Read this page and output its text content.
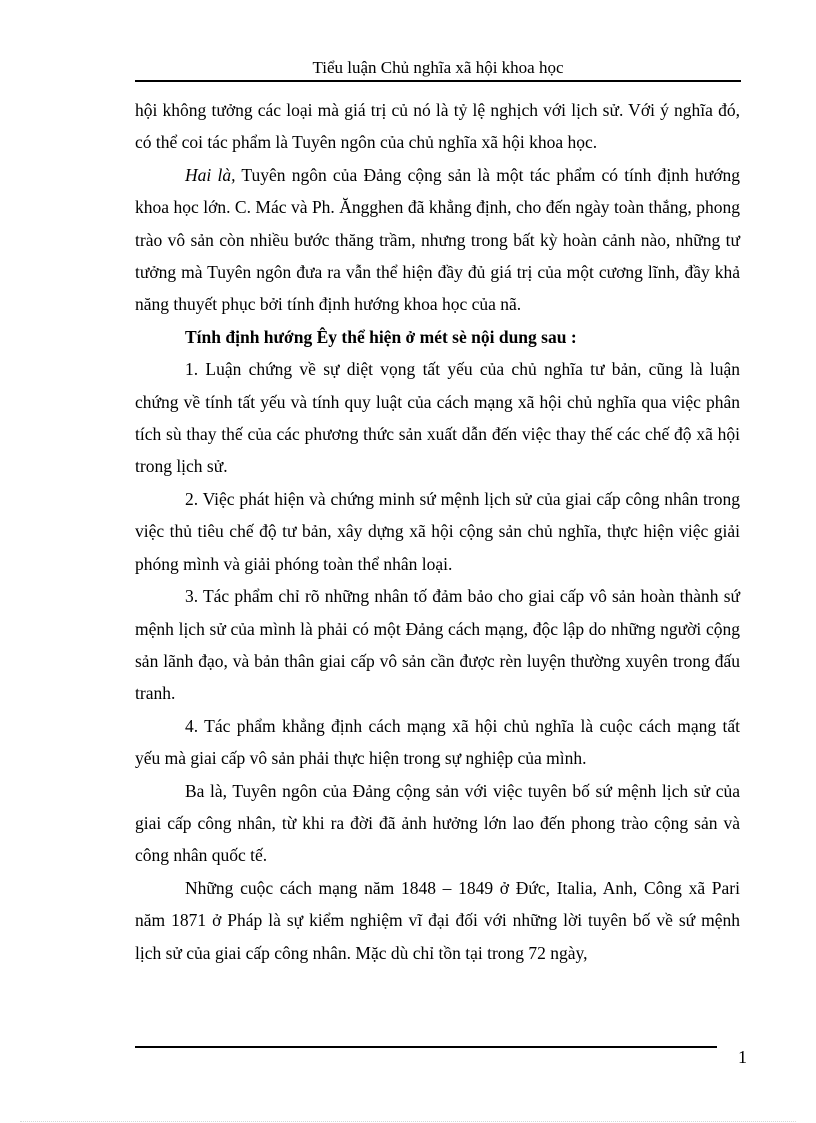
Tiểu luận Chủ nghĩa xã hội khoa học

hội không tưởng các loại mà giá trị củ nó là tỷ lệ nghịch với lịch sử. Với ý nghĩa đó, có thể coi tác phẩm là Tuyên ngôn của chủ nghĩa xã hội khoa học.

Hai là, Tuyên ngôn của Đảng cộng sản là một tác phẩm có tính định hướng khoa học lớn. C. Mác và Ph. Ăngghen đã khẳng định, cho đến ngày toàn thắng, phong trào vô sản còn nhiều bước thăng trầm, nhưng trong bất kỳ hoàn cảnh nào, những tư tưởng mà Tuyên ngôn đưa ra vẫn thể hiện đầy đủ giá trị của một cương lĩnh, đầy khả năng thuyết phục bởi tính định hướng khoa học của nã.

Tính định hướng Êy thể hiện ở mét sè nội dung sau :

1. Luận chứng về sự diệt vọng tất yếu của chủ nghĩa tư bản, cũng là luận chứng về tính tất yếu và tính quy luật của cách mạng xã hội chủ nghĩa qua việc phân tích sù thay thế của các phương thức sản xuất dẫn đến việc thay thế các chế độ xã hội trong lịch sử.

2. Việc phát hiện và chứng minh sứ mệnh lịch sử của giai cấp công nhân trong việc thủ tiêu chế độ tư bản, xây dựng xã hội cộng sản chủ nghĩa, thực hiện việc giải phóng mình và giải phóng toàn thể nhân loại.

3. Tác phẩm chỉ rõ những nhân tố đảm bảo cho giai cấp vô sản hoàn thành sứ mệnh lịch sử của mình là phải có một Đảng cách mạng, độc lập do những người cộng sản lãnh đạo, và bản thân giai cấp vô sản cần được rèn luyện thường xuyên trong đấu tranh.

4. Tác phẩm khẳng định cách mạng xã hội chủ nghĩa là cuộc cách mạng tất yếu mà giai cấp vô sản phải thực hiện trong sự nghiệp của mình.

Ba là, Tuyên ngôn của Đảng cộng sản với việc tuyên bố sứ mệnh lịch sử của giai cấp công nhân, từ khi ra đời đã ảnh hưởng lớn lao đến phong trào cộng sản và công nhân quốc tế.

Những cuộc cách mạng năm 1848 – 1849 ở Đức, Italia, Anh, Công xã Pari năm 1871 ở Pháp là sự kiểm nghiệm vĩ đại đối với những lời tuyên bố về sứ mệnh lịch sử của giai cấp công nhân. Mặc dù chỉ tồn tại trong 72 ngày,

1
